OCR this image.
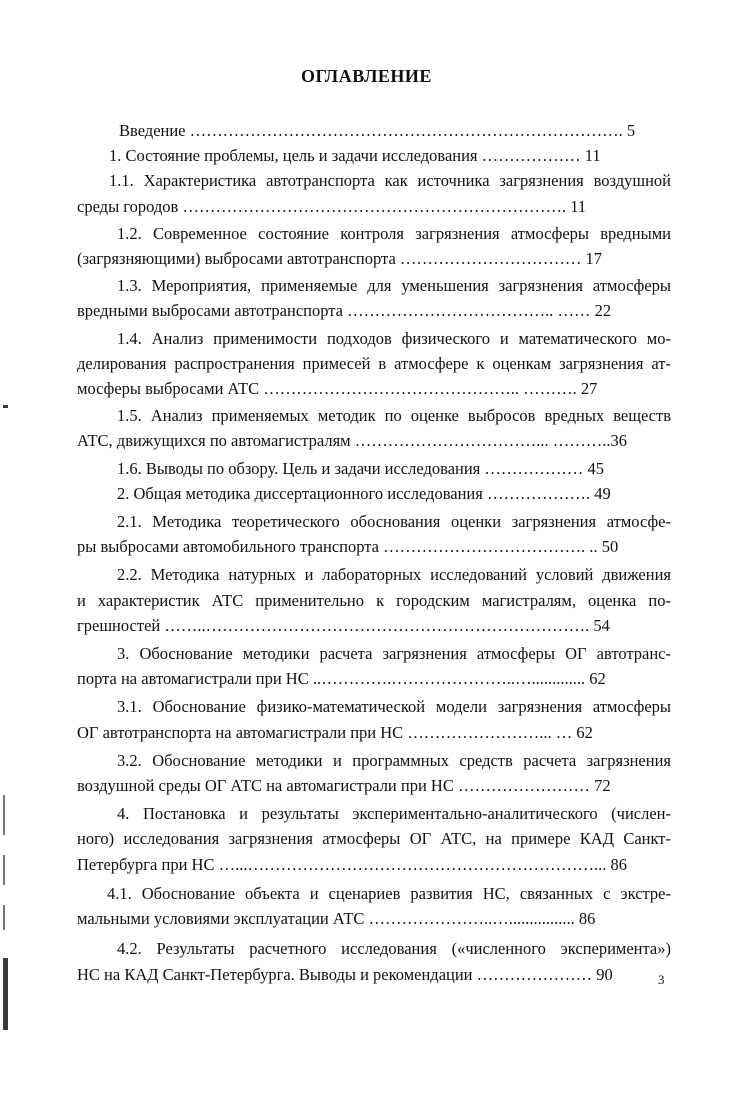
ОГЛАВЛЕНИЕ
Введение ……………………………………………………………………. 5
1. Состояние проблемы, цель и задачи исследования ……………… 11
1.1. Характеристика автотранспорта как источника загрязнения воздушной
среды городов ……………………………………………………………. 11
1.2. Современное состояние контроля загрязнения атмосферы вредными
(загрязняющими) выбросами автотранспорта …………………………… 17
1.3. Мероприятия, применяемые для уменьшения загрязнения атмосферы
вредными выбросами автотранспорта ……………………………….. …… 22
1.4. Анализ применимости подходов физического и математического мо-
делирования распространения примесей в атмосфере к оценкам загрязнения ат-
мосферы выбросами АТС ……………………………………….. ………. 27
1.5. Анализ применяемых методик по оценке выбросов вредных веществ
АТС, движущихся по автомагистралям ……………………………... ………..36
1.6. Выводы по обзору. Цель и задачи исследования ……………… 45
2. Общая методика диссертационного исследования ………………. 49
2.1. Методика теоретического обоснования оценки загрязнения атмосфе-
ры выбросами автомобильного транспорта ………………………………. .. 50
2.2. Методика натурных и лабораторных исследований условий движения
и характеристик АТС применительно к городским магистралям, оценка по-
грешностей ……..……………………………………………………………. 54
3. Обоснование методики расчета загрязнения атмосферы ОГ автотранс-
порта на автомагистрали при НС ..………….…………………..…............. 62
3.1. Обоснование физико-математической модели загрязнения атмосферы
ОГ автотранспорта на автомагистрали при НС ……………………... … 62
3.2. Обоснование методики и программных средств расчета загрязнения
воздушной среды ОГ АТС на автомагистрали при НС …………………… 72
4. Постановка и результаты экспериментально-аналитического (числен-
ного) исследования загрязнения атмосферы ОГ АТС, на примере КАД Санкт-
Петербурга при НС …...………………………………………………………... 86
4.1. Обоснование объекта и сценариев развития НС, связанных с экстре-
мальными условиями эксплуатации АТС …………………..…................ 86
4.2. Результаты расчетного исследования («численного эксперимента»)
НС на КАД Санкт-Петербурга. Выводы и рекомендации ………………… 90	3
